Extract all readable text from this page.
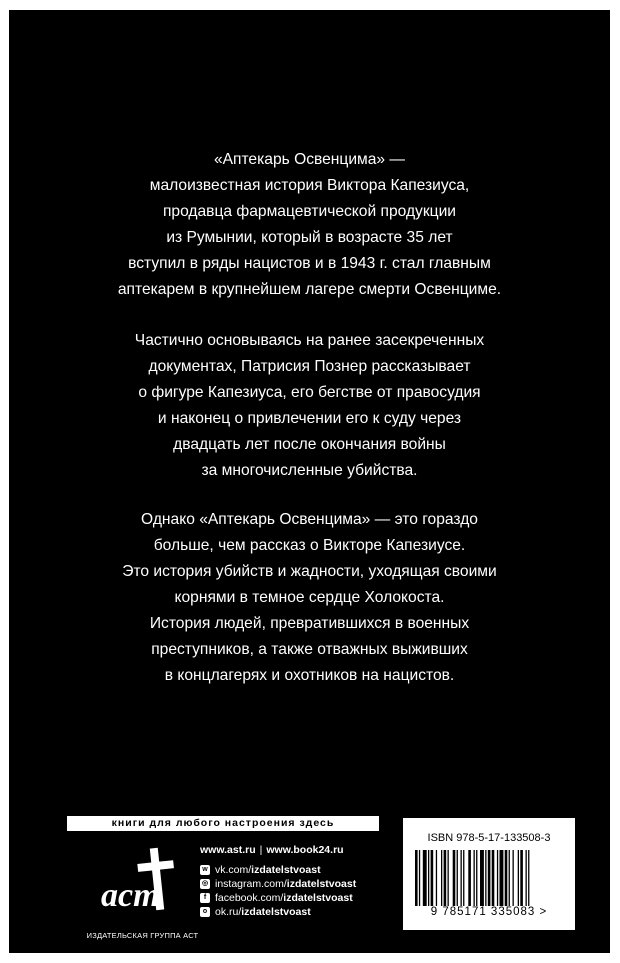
«Аптекарь Освенцима» —
малоизвестная история Виктора Капезиуса,
продавца фармацевтической продукции
из Румынии, который в возрасте 35 лет
вступил в ряды нацистов и в 1943 г. стал главным
аптекарем в крупнейшем лагере смерти Освенциме.
Частично основываясь на ранее засекреченных
документах, Патрисия Познер рассказывает
о фигуре Капезиуса, его бегстве от правосудия
и наконец о привлечении его к суду через
двадцать лет после окончания войны
за многочисленные убийства.
Однако «Аптекарь Освенцима» — это гораздо
больше, чем рассказ о Викторе Капезиусе.
Это история убийств и жадности, уходящая своими
корнями в темное сердце Холокоста.
История людей, превратившихся в военных
преступников, а также отважных выживших
в концлагерях и охотников на нацистов.
книги для любого настроения здесь
аст
ИЗДАТЕЛЬСКАЯ ГРУППА АСТ
www.ast.ru | www.book24.ru
w vk.com/ izdatelstvoast
◎ instagram.com/ izdatelstvoast
f facebook.com/ izdatelstvoast
o ok.ru/ izdatelstvoast
ISBN 978-5-17-133508-3
9 785171 335083 >
